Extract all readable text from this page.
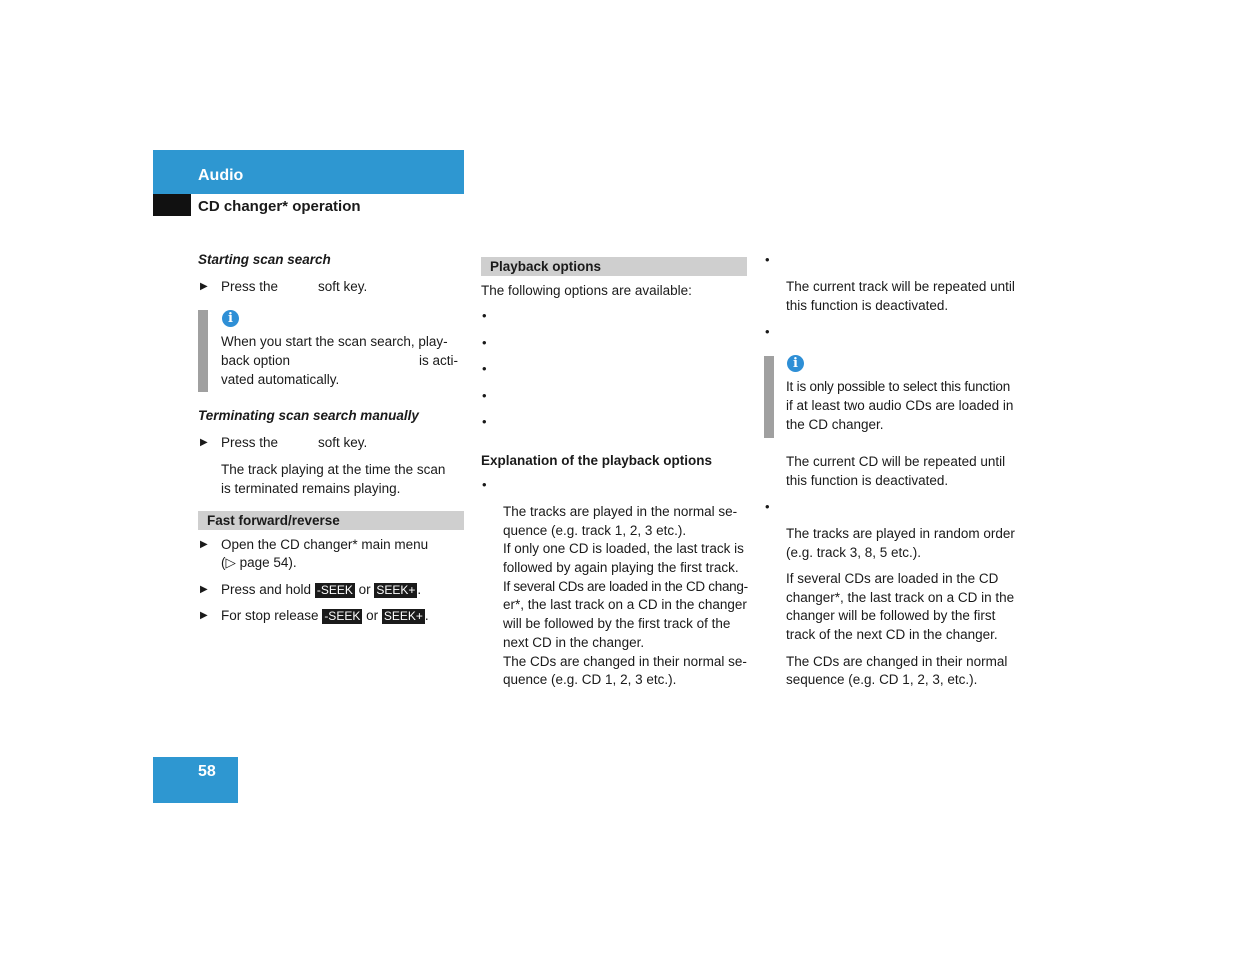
Audio
CD changer* operation
Starting scan search
▶ Press the	soft key.
i
When you start the scan search, play-
back option	is acti-
vated automatically.
Terminating scan search manually
▶ Press the	soft key.
The track playing at the time the scan
is terminated remains playing.
Fast forward/reverse
▶ Open the CD changer* main menu
(▷ page 54).
▶ Press and hold -SEEK or SEEK+ .
▶ For stop release -SEEK or SEEK+ .
Playback options
The following options are available:
•
•
•
•
•
Explanation of the playback options
•
The tracks are played in the normal se-
quence (e.g. track 1, 2, 3 etc.).
If only one CD is loaded, the last track is
followed by again playing the first track.
If several CDs are loaded in the CD chang-
er*, the last track on a CD in the changer
will be followed by the first track of the
next CD in the changer.
The CDs are changed in their normal se-
quence (e.g. CD 1, 2, 3 etc.).
•
The current track will be repeated until
this function is deactivated.
•
i
It is only possible to select this function
if at least two audio CDs are loaded in
the CD changer.
The current CD will be repeated until
this function is deactivated.
•
The tracks are played in random order
(e.g. track 3, 8, 5 etc.).
If several CDs are loaded in the CD
changer*, the last track on a CD in the
changer will be followed by the first
track of the next CD in the changer.
The CDs are changed in their normal
sequence (e.g. CD 1, 2, 3, etc.).
58
